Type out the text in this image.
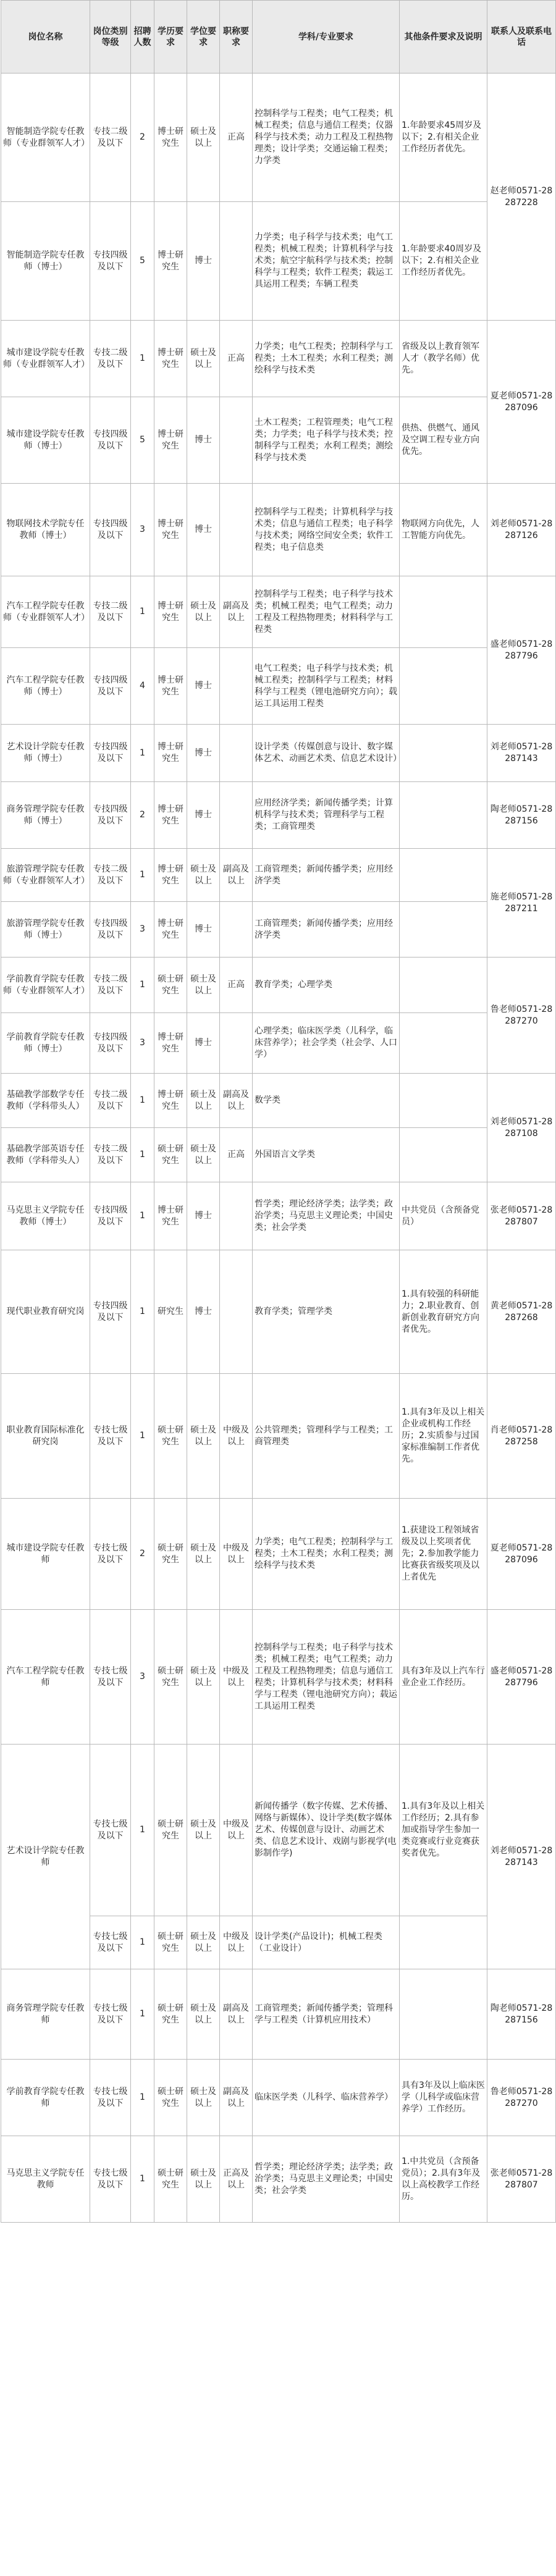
岗位名称	岗位类别等级	招聘人数	学历要求	学位要求	职称要求	学科/专业要求	其他条件要求及说明	联系人及联系电话
智能制造学院专任教师（专业群领军人才）	专技二级及以下	2	博士研究生	硕士及以上	正高	控制科学与工程类；电气工程类；机械工程类；信息与通信工程类；仪器科学与技术类；动力工程及工程热物理类；设计学类；交通运输工程类；力学类	1.年龄要求45周岁及以下；2.有相关企业工作经历者优先。	赵老师0571-28287228
智能制造学院专任教师（博士）	专技四级及以下	5	博士研究生	博士		力学类；电子科学与技术类；电气工程类；机械工程类；计算机科学与技术类；航空宇航科学与技术类；控制科学与工程类；软件工程类；载运工具运用工程类；车辆工程类	1.年龄要求40周岁及以下；2.有相关企业工作经历者优先。	
城市建设学院专任教师（专业群领军人才）	专技二级及以下	1	博士研究生	硕士及以上	正高	力学类；电气工程类；控制科学与工程类；土木工程类；水利工程类；测绘科学与技术类	省级及以上教育领军人才（教学名师）优先。	夏老师0571-28287096
城市建设学院专任教师（博士）	专技四级及以下	5	博士研究生	博士		土木工程类；工程管理类；电气工程类；力学类；电子科学与技术类；控制科学与工程类；水利工程类；测绘科学与技术类	供热、供燃气、通风及空调工程专业方向优先。	
物联网技术学院专任教师（博士）	专技四级及以下	3	博士研究生	博士		控制科学与工程类；计算机科学与技术类；信息与通信工程类；电子科学与技术类；网络空间安全类；软件工程类；电子信息类	物联网方向优先，人工智能方向优先。	刘老师0571-28287126
汽车工程学院专任教师（专业群领军人才）	专技二级及以下	1	博士研究生	硕士及以上	副高及以上	控制科学与工程类；电子科学与技术类；机械工程类；电气工程类；动力工程及工程热物理类；材料科学与工程类		盛老师0571-28287796
汽车工程学院专任教师（博士）	专技四级及以下	4	博士研究生	博士		电气工程类；电子科学与技术类；机械工程类；控制科学与工程类；材料科学与工程类（锂电池研究方向）；载运工具运用工程类		
艺术设计学院专任教师（博士）	专技四级及以下	1	博士研究生	博士		设计学类（传媒创意与设计、数字媒体艺术、动画艺术类、信息艺术设计）		刘老师0571-28287143
商务管理学院专任教师（博士）	专技四级及以下	2	博士研究生	博士		应用经济学类；新闻传播学类；计算机科学与技术类；管理科学与工程类；工商管理类		陶老师0571-28287156
旅游管理学院专任教师（专业群领军人才）	专技二级及以下	1	博士研究生	硕士及以上	副高及以上	工商管理类；新闻传播学类；应用经济学类		施老师0571-28287211
旅游管理学院专任教师（博士）	专技四级及以下	3	博士研究生	博士		工商管理类；新闻传播学类；应用经济学类		
学前教育学院专任教师（专业群领军人才）	专技二级及以下	1	硕士研究生	硕士及以上	正高	教育学类；心理学类		鲁老师0571-28287270
学前教育学院专任教师（博士）	专技四级及以下	3	博士研究生	博士		心理学类；临床医学类（儿科学，临床营养学）；社会学类（社会学、人口学）		
基础教学部数学专任教师（学科带头人）	专技二级及以下	1	博士研究生	硕士及以上	副高及以上	数学类		刘老师0571-28287108
基础教学部英语专任教师（学科带头人）	专技二级及以下	1	硕士研究生	硕士及以上	正高	外国语言文学类		
马克思主义学院专任教师（博士）	专技四级及以下	1	博士研究生	博士		哲学类；理论经济学类；法学类；政治学类；马克思主义理论类；中国史类；社会学类	中共党员（含预备党员）	张老师0571-28287807
现代职业教育研究岗	专技四级及以下	1	研究生	博士		教育学类；管理学类	1.具有较强的科研能力；2.职业教育、创新创业教育研究方向者优先。	黄老师0571-28287268
职业教育国际标准化研究岗	专技七级及以下	1	硕士研究生	硕士及以上	中级及以上	公共管理类；管理科学与工程类；工商管理类	1.具有3年及以上相关企业或机构工作经历；2.实质参与过国家标准编制工作者优先。	肖老师0571-28287258
城市建设学院专任教师	专技七级及以下	2	硕士研究生	硕士及以上	中级及以上	力学类；电气工程类；控制科学与工程类；土木工程类；水利工程类；测绘科学与技术类	1.获建设工程领域省级及以上奖项者优先；2.参加教学能力比赛获省级奖项及以上者优先	夏老师0571-28287096
汽车工程学院专任教师	专技七级及以下	3	硕士研究生	硕士及以上	中级及以上	控制科学与工程类；电子科学与技术类；机械工程类；电气工程类；动力工程及工程热物理类；信息与通信工程类；计算机科学与技术类；材料科学与工程类（锂电池研究方向）；载运工具运用工程类	具有3年及以上汽车行业企业工作经历。	盛老师0571-28287796
艺术设计学院专任教师	专技七级及以下	1	硕士研究生	硕士及以上	中级及以上	新闻传播学（数字传媒、艺术传播、网络与新媒体）、设计学类(数字媒体艺术、传媒创意与设计、动画艺术类、信息艺术设计、戏剧与影视学(电影制作学)	1.具有3年及以上相关工作经历；2.具有参加或指导学生参加一类竞赛或行业竞赛获奖者优先。	刘老师0571-28287143
	专技七级及以下	1	硕士研究生	硕士及以上	中级及以上	设计学类(产品设计)；机械工程类（工业设计）		
商务管理学院专任教师	专技七级及以下	1	硕士研究生	硕士及以上	副高及以上	工商管理类；新闻传播学类；管理科学与工程类（计算机应用技术）		陶老师0571-28287156
学前教育学院专任教师	专技七级及以下	1	硕士研究生	硕士及以上	副高及以上	临床医学类（儿科学、临床营养学）	具有3年及以上临床医学（儿科学或临床营养学）工作经历。	鲁老师0571-28287270
马克思主义学院专任教师	专技七级及以下	1	硕士研究生	硕士及以上	正高及以上	哲学类；理论经济学类；法学类；政治学类；马克思主义理论类；中国史类；社会学类	1.中共党员（含预备党员）；2.具有3年及以上高校教学工作经历。	张老师0571-28287807
